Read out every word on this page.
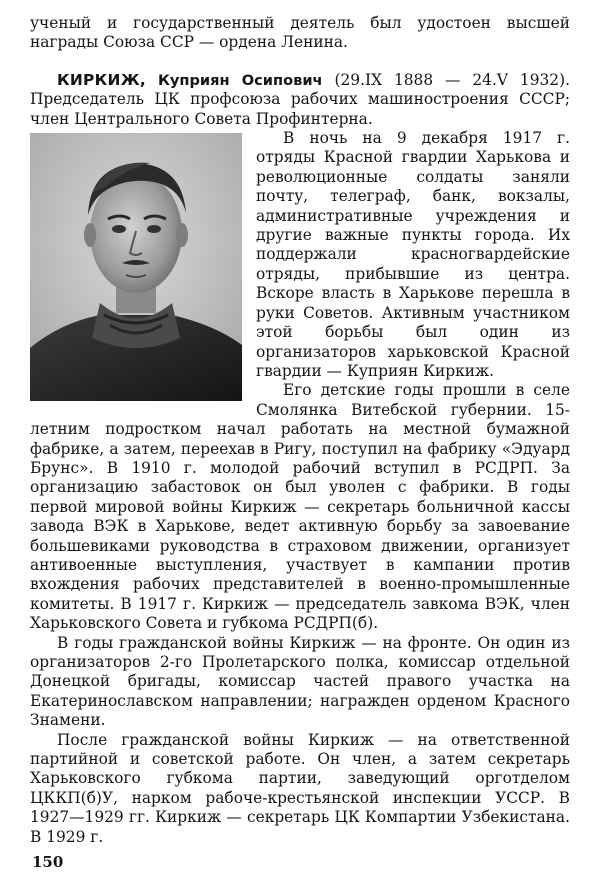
ученый и государственный деятель был удостоен высшей награды Союза ССР — ордена Ленина.

КИРКИЖ, Куприян Осипович (29.IX 1888 — 24.V 1932). Председатель ЦК профсоюза рабочих машиностроения СССР; член Центрального Совета Профинтерна.

В ночь на 9 декабря 1917 г. отряды Красной гвардии Харькова и революционные солдаты заняли почту, телеграф, банк, вокзалы, административные учреждения и другие важные пункты города. Их поддержали красногвардейские отряды, прибывшие из центра. Вскоре власть в Харькове перешла в руки Советов. Активным участником этой борьбы был один из организаторов харьковской Красной гвардии — Куприян Киркиж.

Его детские годы прошли в селе Смолянка Витебской губернии. 15-летним подростком начал работать на местной бумажной фабрике, а затем, переехав в Ригу, поступил на фабрику «Эдуард Брунс». В 1910 г. молодой рабочий вступил в РСДРП. За организацию забастовок он был уволен с фабрики. В годы первой мировой войны Киркиж — секретарь больничной кассы завода ВЭК в Харькове, ведет активную борьбу за завоевание большевиками руководства в страховом движении, организует антивоенные выступления, участвует в кампании против вхождения рабочих представителей в военно-промышленные комитеты. В 1917 г. Киркиж — председатель завкома ВЭК, член Харьковского Совета и губкома РСДРП(б).

В годы гражданской войны Киркиж — на фронте. Он один из организаторов 2-го Пролетарского полка, комиссар отдельной Донецкой бригады, комиссар частей правого участка на Екатеринославском направлении; награжден орденом Красного Знамени.

После гражданской войны Киркиж — на ответственной партийной и советской работе. Он член, а затем секретарь Харьковского губкома партии, заведующий орготделом ЦККП(б)У, нарком рабоче-крестьянской инспекции УССР. В 1927—1929 гг. Киркиж — секретарь ЦК Компартии Узбекистана. В 1929 г.

150
